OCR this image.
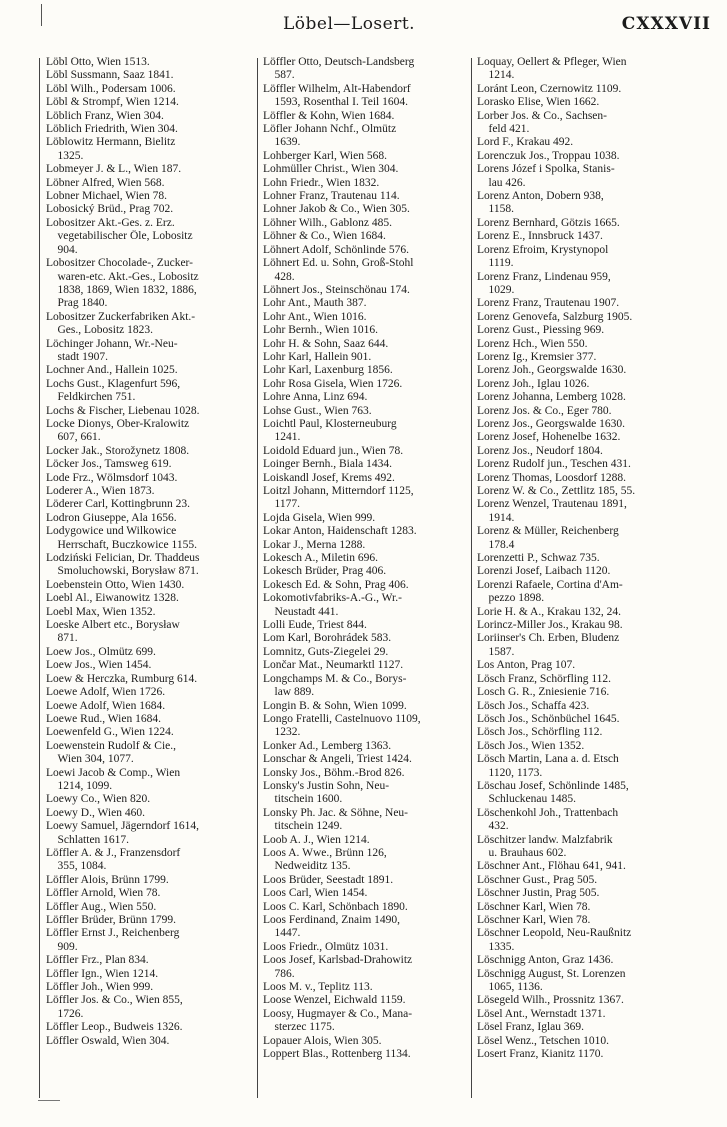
Löbel—Losert.	CXXXVII
Löbl Otto, Wien 1513.
Löbl Sussmann, Saaz 1841.
Löbl Wilh., Podersam 1006.
Löbl & Strompf, Wien 1214.
Löblich Franz, Wien 304.
Löblich Friedrith, Wien 304.
Löblowitz Hermann, Bielitz
 1325.
Lobmeyer J. & L., Wien 187.
Löbner Alfred, Wien 568.
Lobner Michael, Wien 78.
Lobosický Brüd., Prag 702.
Lobositzer Akt.-Ges. z. Erz.
 vegetabilischer Öle, Lobositz
 904.
Lobositzer Chocolade-, Zucker-
 waren-etc. Akt.-Ges., Lobositz
 1838, 1869, Wien 1832, 1886,
 Prag 1840.
Lobositzer Zuckerfabriken Akt.-
 Ges., Lobositz 1823.
Löchinger Johann, Wr.-Neu-
 stadt 1907.
Lochner And., Hallein 1025.
Lochs Gust., Klagenfurt 596,
 Feldkirchen 751.
Lochs & Fischer, Liebenau 1028.
Locke Dionys, Ober-Kralowitz
 607, 661.
Locker Jak., Storožynetz 1808.
Löcker Jos., Tamsweg 619.
Lode Frz., Wölmsdorf 1043.
Loderer A., Wien 1873.
Löderer Carl, Kottingbrunn 23.
Lodron Giuseppe, Ala 1656.
Lodygowice und Wilkowice
 Herrschaft, Buczkowice 1155.
Lodziński Felician, Dr. Thaddeus
 Smoluchowski, Borysław 871.
Loebenstein Otto, Wien 1430.
Loebl Al., Eiwanowitz 1328.
Loebl Max, Wien 1352.
Loeske Albert etc., Borysław
 871.
Loew Jos., Olmütz 699.
Loew Jos., Wien 1454.
Loew & Herczka, Rumburg 614.
Loewe Adolf, Wien 1726.
Loewe Adolf, Wien 1684.
Loewe Rud., Wien 1684.
Loewenfeld G., Wien 1224.
Loewenstein Rudolf & Cie.,
 Wien 304, 1077.
Loewi Jacob & Comp., Wien
 1214, 1099.
Loewy Co., Wien 820.
Loewy D., Wien 460.
Loewy Samuel, Jägerndorf 1614,
 Schlatten 1617.
Löffler A. & J., Franzensdorf
 355, 1084.
Löffler Alois, Brünn 1799.
Löffler Arnold, Wien 78.
Löffler Aug., Wien 550.
Löffler Brüder, Brünn 1799.
Löffler Ernst J., Reichenberg
 909.
Löffler Frz., Plan 834.
Löffler Ign., Wien 1214.
Löffler Joh., Wien 999.
Löffler Jos. & Co., Wien 855,
 1726.
Löffler Leop., Budweis 1326.
Löffler Oswald, Wien 304.
Löffler Otto, Deutsch-Landsberg
 587.
Löffler Wilhelm, Alt-Habendorf
 1593, Rosenthal I. Teil 1604.
Löffler & Kohn, Wien 1684.
Löfler Johann Nchf., Olmütz
 1639.
Lohberger Karl, Wien 568.
Lohmüller Christ., Wien 304.
Lohn Friedr., Wien 1832.
Lohner Franz, Trautenau 114.
Lohner Jakob & Co., Wien 305.
Löhner Wilh., Gablonz 485.
Löhner & Co., Wien 1684.
Löhnert Adolf, Schönlinde 576.
Löhnert Ed. u. Sohn, Groß-Stohl
 428.
Löhnert Jos., Steinschönau 174.
Lohr Ant., Mauth 387.
Lohr Ant., Wien 1016.
Lohr Bernh., Wien 1016.
Lohr H. & Sohn, Saaz 644.
Lohr Karl, Hallein 901.
Lohr Karl, Laxenburg 1856.
Lohr Rosa Gisela, Wien 1726.
Lohre Anna, Linz 694.
Lohse Gust., Wien 763.
Loichtl Paul, Klosterneuburg
 1241.
Loidold Eduard jun., Wien 78.
Loinger Bernh., Biala 1434.
Loiskandl Josef, Krems 492.
Loitzl Johann, Mitterndorf 1125,
 1177.
Lojda Gisela, Wien 999.
Lokar Anton, Haidenschaft 1283.
Lokar J., Merna 1288.
Lokesch A., Miletin 696.
Lokesch Brüder, Prag 406.
Lokesch Ed. & Sohn, Prag 406.
Lokomotivfabriks-A.-G., Wr.-
 Neustadt 441.
Lolli Eude, Triest 844.
Lom Karl, Borohrádek 583.
Lomnitz, Guts-Ziegelei 29.
Lončar Mat., Neumarktl 1127.
Longchamps M. & Co., Borys-
 law 889.
Longin B. & Sohn, Wien 1099.
Longo Fratelli, Castelnuovo 1109,
 1232.
Lonker Ad., Lemberg 1363.
Lonschar & Angeli, Triest 1424.
Lonsky Jos., Böhm.-Brod 826.
Lonsky's Justin Sohn, Neu-
 titschein 1600.
Lonsky Ph. Jac. & Söhne, Neu-
 titschein 1249.
Loob A. J., Wien 1214.
Loos A. Wwe., Brünn 126,
 Nedweiditz 135.
Loos Brüder, Seestadt 1891.
Loos Carl, Wien 1454.
Loos C. Karl, Schönbach 1890.
Loos Ferdinand, Znaim 1490,
 1447.
Loos Friedr., Olmütz 1031.
Loos Josef, Karlsbad-Drahowitz
 786.
Loos M. v., Teplitz 113.
Loose Wenzel, Eichwald 1159.
Loosy, Hugmayer & Co., Mana-
 sterzec 1175.
Lopauer Alois, Wien 305.
Loppert Blas., Rottenberg 1134.
Loquay, Oellert & Pfleger, Wien
 1214.
Loránt Leon, Czernowitz 1109.
Lorasko Elise, Wien 1662.
Lorber Jos. & Co., Sachsen-
 feld 421.
Lord F., Krakau 492.
Lorenczuk Jos., Troppau 1038.
Lorens Józef i Spolka, Stanis-
 lau 426.
Lorenz Anton, Dobern 938,
 1158.
Lorenz Bernhard, Götzis 1665.
Lorenz E., Innsbruck 1437.
Lorenz Efroim, Krystynopol
 1119.
Lorenz Franz, Lindenau 959,
 1029.
Lorenz Franz, Trautenau 1907.
Lorenz Genovefa, Salzburg 1905.
Lorenz Gust., Piessing 969.
Lorenz Hch., Wien 550.
Lorenz Ig., Kremsier 377.
Lorenz Joh., Georgswalde 1630.
Lorenz Joh., Iglau 1026.
Lorenz Johanna, Lemberg 1028.
Lorenz Jos. & Co., Eger 780.
Lorenz Jos., Georgswalde 1630.
Lorenz Josef, Hohenelbe 1632.
Lorenz Jos., Neudorf 1804.
Lorenz Rudolf jun., Teschen 431.
Lorenz Thomas, Loosdorf 1288.
Lorenz W. & Co., Zettlitz 185, 55.
Lorenz Wenzel, Trautenau 1891,
 1914.
Lorenz & Müller, Reichenberg
 178.4
Lorenzetti P., Schwaz 735.
Lorenzi Josef, Laibach 1120.
Lorenzi Rafaele, Cortina d'Am-
 pezzo 1898.
Lorie H. & A., Krakau 132, 24.
Lorincz-Miller Jos., Krakau 98.
Loriinser's Ch. Erben, Bludenz
 1587.
Los Anton, Prag 107.
Lösch Franz, Schörfling 112.
Losch G. R., Zniesienie 716.
Lösch Jos., Schaffa 423.
Lösch Jos., Schönbüchel 1645.
Lösch Jos., Schörfling 112.
Lösch Jos., Wien 1352.
Lösch Martin, Lana a. d. Etsch
 1120, 1173.
Löschau Josef, Schönlinde 1485,
 Schluckenau 1485.
Löschenkohl Joh., Trattenbach
 432.
Löschitzer landw. Malzfabrik
 u. Brauhaus 602.
Löschner Ant., Flöhau 641, 941.
Löschner Gust., Prag 505.
Löschner Justin, Prag 505.
Löschner Karl, Wien 78.
Löschner Karl, Wien 78.
Löschner Leopold, Neu-Raußnitz
 1335.
Löschnigg Anton, Graz 1436.
Löschnigg August, St. Lorenzen
 1065, 1136.
Lösegeld Wilh., Prossnitz 1367.
Lösel Ant., Wernstadt 1371.
Lösel Franz, Iglau 369.
Lösel Wenz., Tetschen 1010.
Losert Franz, Kianitz 1170.
